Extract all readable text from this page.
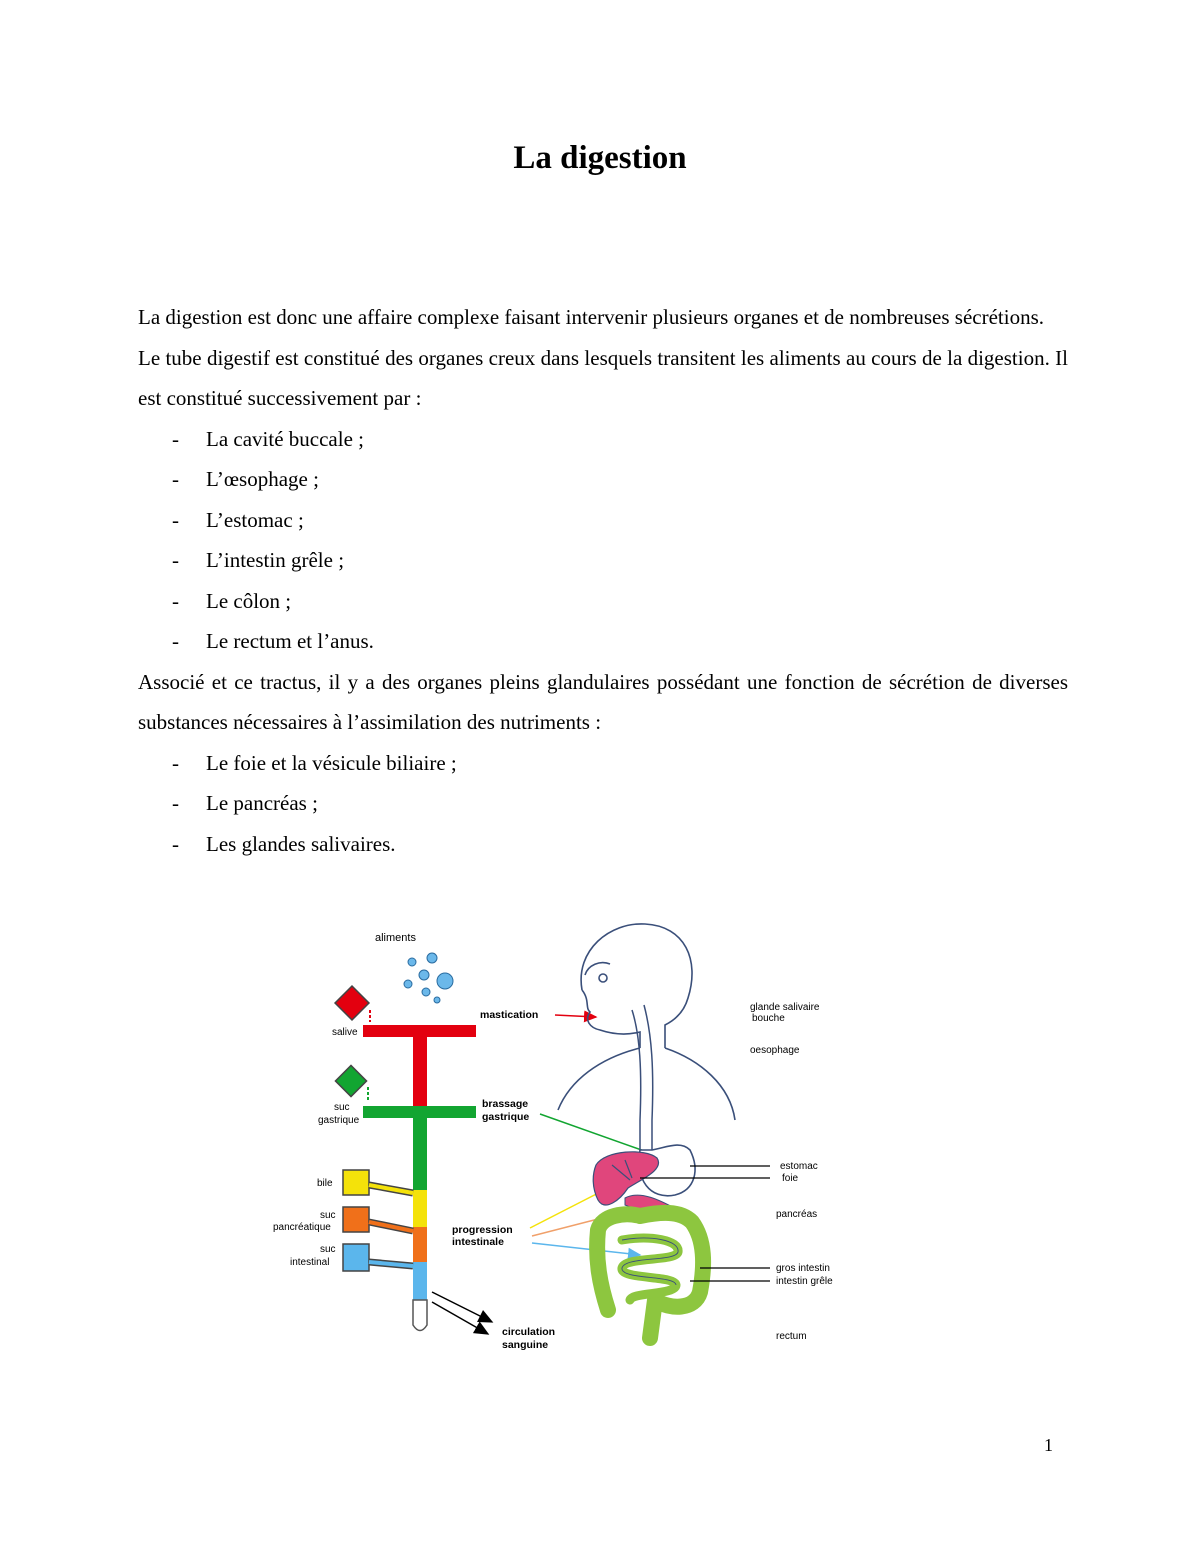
La digestion

La digestion est donc une affaire complexe faisant intervenir plusieurs organes et de nombreuses sécrétions.

Le tube digestif est constitué des organes creux dans lesquels transitent les aliments au cours de la digestion. Il est constitué successivement par :

-	La cavité buccale ;

-	L’œsophage ;

-	L’estomac ;

-	L’intestin grêle ;

-	Le côlon ;

-	Le rectum et l’anus.

Associé et ce tractus, il y a des organes pleins glandulaires possédant une fonction de sécrétion de diverses substances nécessaires à l’assimilation des nutriments :

-	Le foie et la vésicule biliaire ;

-	Le pancréas ;

-	Les glandes salivaires.

aliments
salive
suc
gastrique
bile
suc
pancréatique
suc
intestinal
mastication
brassage
gastrique
progression
intestinale
circulation
sanguine
glande salivaire
bouche
oesophage
estomac
foie
pancréas
gros intestin
intestin grêle
rectum
1
